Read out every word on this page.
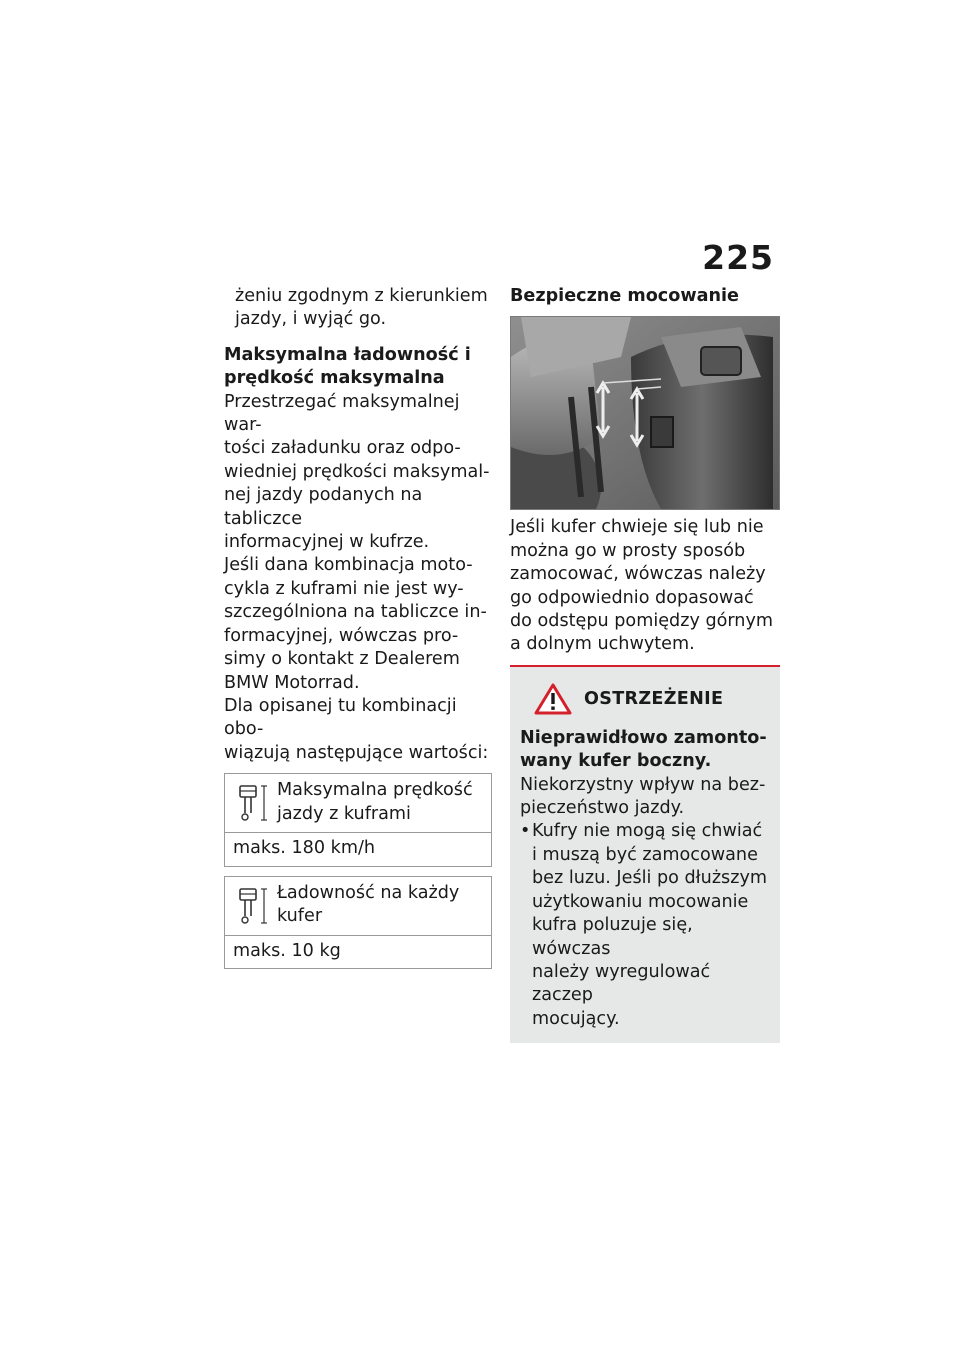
225

żeniu zgodnym z kierunkiem

jazdy, i wyjąć go.

Maksymalna ładowność i
prędkość maksymalna

Przestrzegać maksymalnej war-

tości załadunku oraz odpo-

wiedniej prędkości maksymal-

nej jazdy podanych na tabliczce

informacyjnej w kufrze.

Jeśli dana kombinacja moto-

cykla z kuframi nie jest wy-

szczególniona na tabliczce in-

formacyjnej, wówczas pro-

simy o kontakt z Dealerem

BMW Motorrad.

Dla opisanej tu kombinacji obo-

wiązują następujące wartości:

Maksymalna prędkość

jazdy z kuframi

maks. 180 km/h

Ładowność na każdy

kufer

maks. 10 kg

Bezpieczne mocowanie

Jeśli kufer chwieje się lub nie

można go w prosty sposób

zamocować, wówczas należy

go odpowiednio dopasować

do odstępu pomiędzy górnym

a dolnym uchwytem.

OSTRZEŻENIE
Nieprawidłowo zamonto-
wany kufer boczny.

Niekorzystny wpływ na bez-

pieczeństwo jazdy.

• Kufry nie mogą się chwiać

i muszą być zamocowane

bez luzu. Jeśli po dłuższym

użytkowaniu mocowanie

kufra poluzuje się, wówczas

należy wyregulować zaczep

mocujący.
